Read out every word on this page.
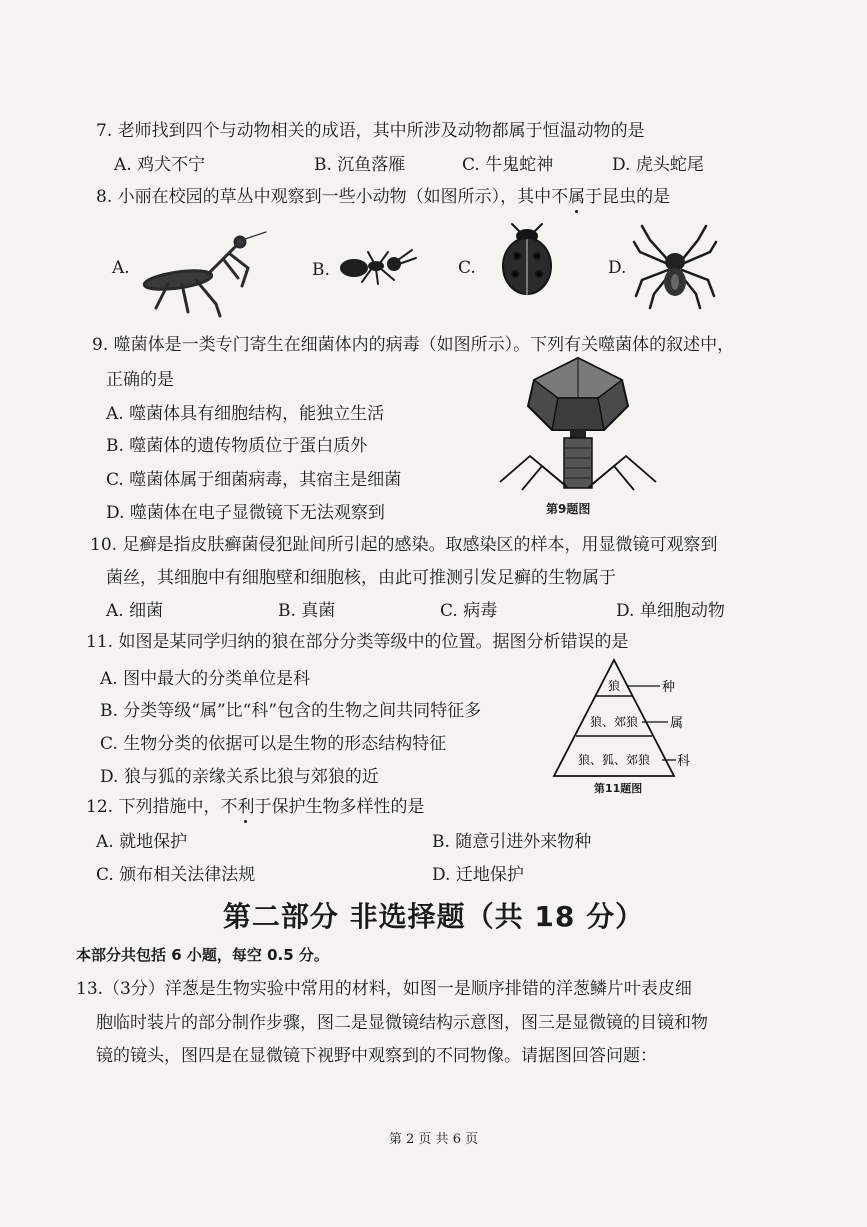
7. 老师找到四个与动物相关的成语，其中所涉及动物都属于恒温动物的是
A. 鸡犬不宁	B. 沉鱼落雁	C. 牛鬼蛇神	D. 虎头蛇尾
8. 小丽在校园的草丛中观察到一些小动物（如图所示），其中不属于昆虫的是
A.	B.	C.	D.
9. 噬菌体是一类专门寄生在细菌体内的病毒（如图所示）。下列有关噬菌体的叙述中，
正确的是
A. 噬菌体具有细胞结构，能独立生活
B. 噬菌体的遗传物质位于蛋白质外
C. 噬菌体属于细菌病毒，其宿主是细菌
D. 噬菌体在电子显微镜下无法观察到	第9题图
10. 足癣是指皮肤癣菌侵犯趾间所引起的感染。取感染区的样本，用显微镜可观察到
菌丝，其细胞中有细胞壁和细胞核，由此可推测引发足癣的生物属于
A. 细菌	B. 真菌	C. 病毒	D. 单细胞动物
11. 如图是某同学归纳的狼在部分分类等级中的位置。据图分析错误的是
A. 图中最大的分类单位是科
B. 分类等级“属”比“科”包含的生物之间共同特征多
C. 生物分类的依据可以是生物的形态结构特征
D. 狼与狐的亲缘关系比狼与郊狼的近
狼
狼、郊狼
狼、狐、郊狼
种
属
科
第11题图
12. 下列措施中，不利于保护生物多样性的是
A. 就地保护	B. 随意引进外来物种
C. 颁布相关法律法规	D. 迁地保护
第二部分 非选择题（共 18 分）
本部分共包括 6 小题，每空 0.5 分。
13.（3分）洋葱是生物实验中常用的材料，如图一是顺序排错的洋葱鳞片叶表皮细
胞临时装片的部分制作步骤，图二是显微镜结构示意图，图三是显微镜的目镜和物
镜的镜头，图四是在显微镜下视野中观察到的不同物像。请据图回答问题：
第 2 页 共 6 页
